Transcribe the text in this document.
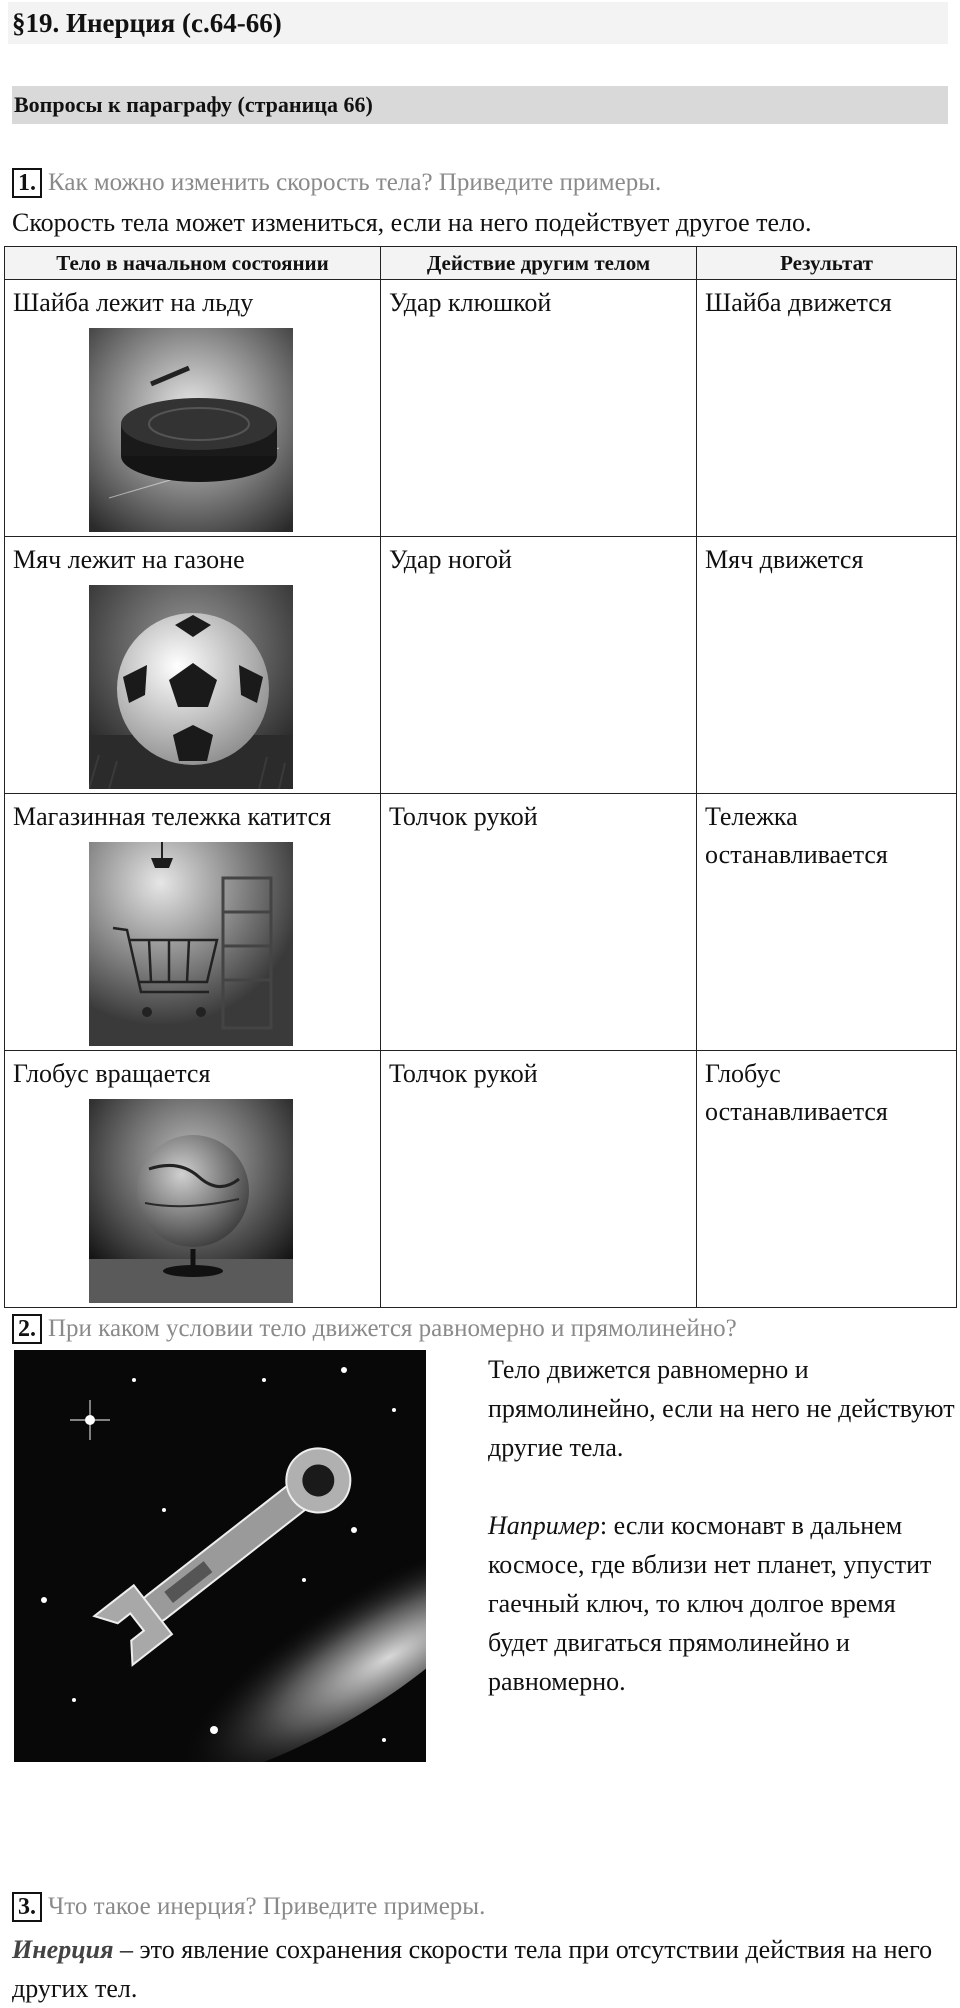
§19. Инерция (с.64-66)
Вопросы к параграфу (страница 66)
1. Как можно изменить скорость тела? Приведите примеры.
Скорость тела может измениться, если на него подействует другое тело.
Тело в начальном состоянии	Действие другим телом	Результат
Шайба лежит на льду	Удар клюшкой	Шайба движется
Мяч лежит на газоне	Удар ногой	Мяч движется
Магазинная тележка катится	Толчок рукой	Тележка останавливается
Глобус вращается	Толчок рукой	Глобус останавливается
2. При каком условии тело движется равномерно и прямолинейно?

Тело движется равномерно и прямолинейно, если на него не действуют другие тела.

Например: если космонавт в дальнем космосе, где вблизи нет планет, упустит гаечный ключ, то ключ долгое время будет двигаться прямолинейно и равномерно.

3. Что такое инерция? Приведите примеры.
Инерция – это явление сохранения скорости тела при отсутствии действия на него других тел.
